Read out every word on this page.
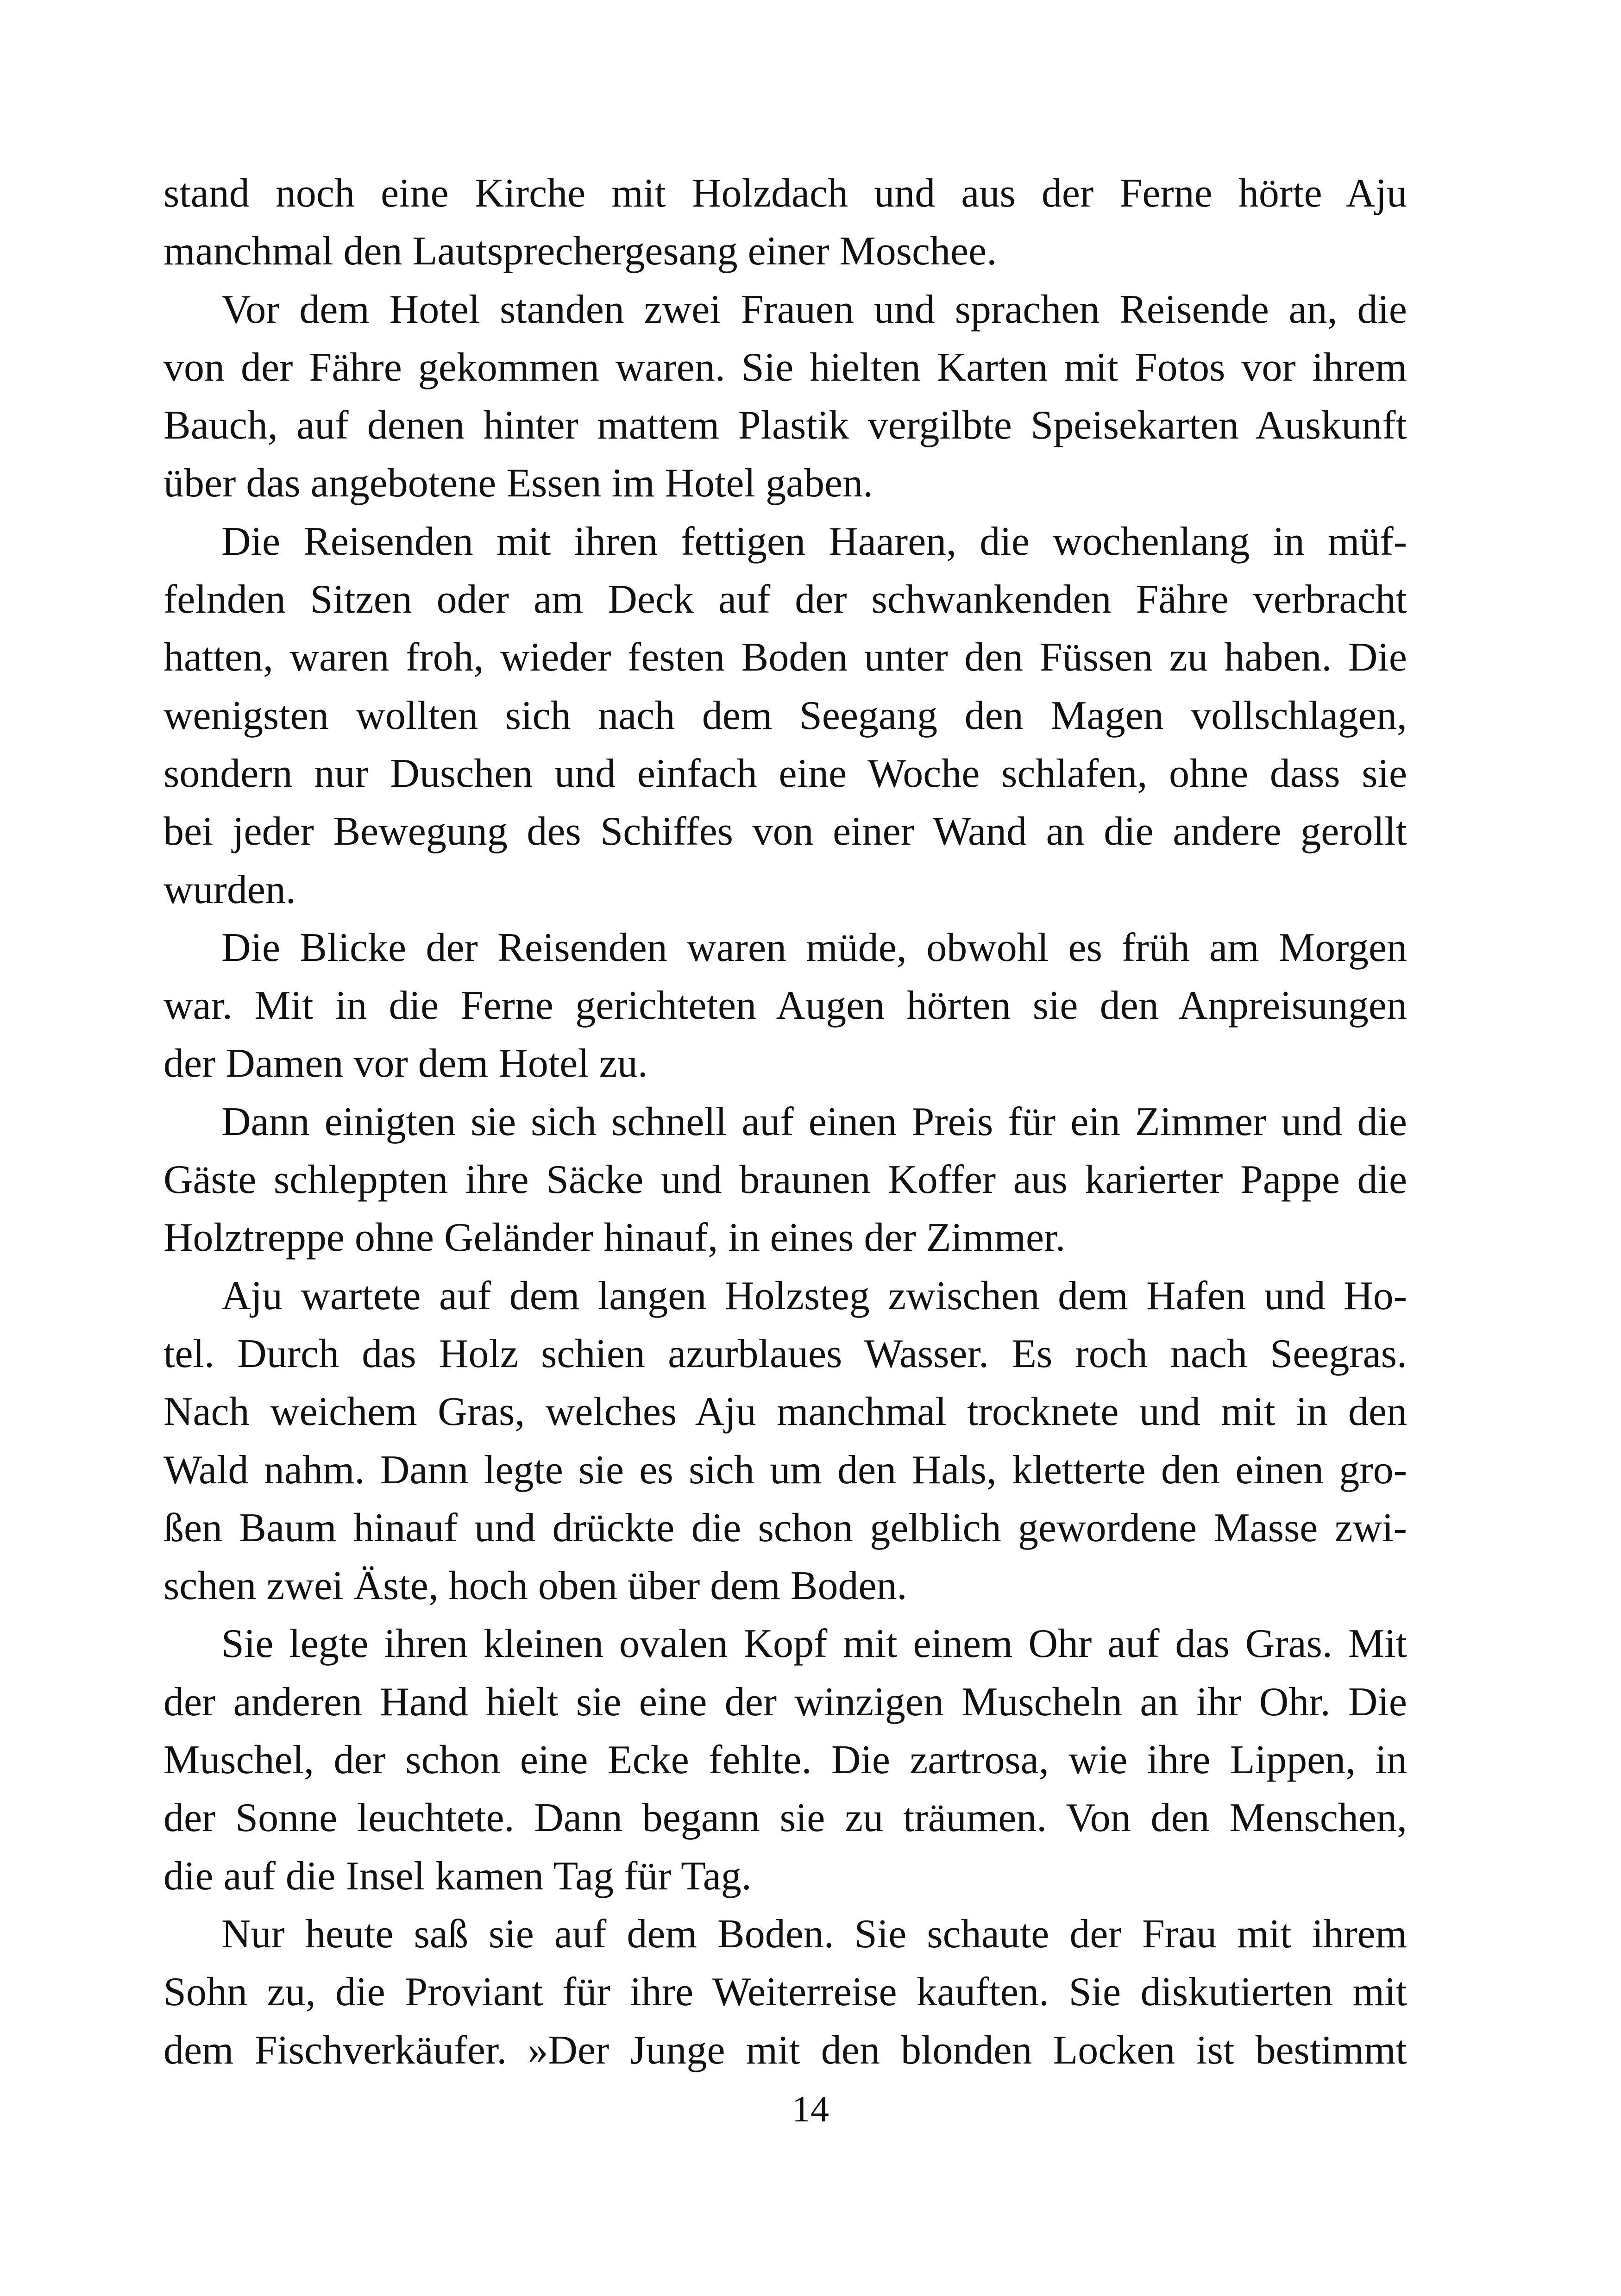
stand noch eine Kirche mit Holzdach und aus der Ferne hörte Aju

manchmal den Lautsprechergesang einer Moschee.

Vor dem Hotel standen zwei Frauen und sprachen Reisende an, die

von der Fähre gekommen waren. Sie hielten Karten mit Fotos vor ihrem

Bauch, auf denen hinter mattem Plastik vergilbte Speisekarten Auskunft

über das angebotene Essen im Hotel gaben.

Die Reisenden mit ihren fettigen Haaren, die wochenlang in müf-

felnden Sitzen oder am Deck auf der schwankenden Fähre verbracht

hatten, waren froh, wieder festen Boden unter den Füssen zu haben. Die

wenigsten wollten sich nach dem Seegang den Magen vollschlagen,

sondern nur Duschen und einfach eine Woche schlafen, ohne dass sie

bei jeder Bewegung des Schiffes von einer Wand an die andere gerollt

wurden.

Die Blicke der Reisenden waren müde, obwohl es früh am Morgen

war. Mit in die Ferne gerichteten Augen hörten sie den Anpreisungen

der Damen vor dem Hotel zu.

Dann einigten sie sich schnell auf einen Preis für ein Zimmer und die

Gäste schleppten ihre Säcke und braunen Koffer aus karierter Pappe die

Holztreppe ohne Geländer hinauf, in eines der Zimmer.

Aju wartete auf dem langen Holzsteg zwischen dem Hafen und Ho-

tel. Durch das Holz schien azurblaues Wasser. Es roch nach Seegras.

Nach weichem Gras, welches Aju manchmal trocknete und mit in den

Wald nahm. Dann legte sie es sich um den Hals, kletterte den einen gro-

ßen Baum hinauf und drückte die schon gelblich gewordene Masse zwi-

schen zwei Äste, hoch oben über dem Boden.

Sie legte ihren kleinen ovalen Kopf mit einem Ohr auf das Gras. Mit

der anderen Hand hielt sie eine der winzigen Muscheln an ihr Ohr. Die

Muschel, der schon eine Ecke fehlte. Die zartrosa, wie ihre Lippen, in

der Sonne leuchtete. Dann begann sie zu träumen. Von den Menschen,

die auf die Insel kamen Tag für Tag.

Nur heute saß sie auf dem Boden. Sie schaute der Frau mit ihrem

Sohn zu, die Proviant für ihre Weiterreise kauften. Sie diskutierten mit

dem Fischverkäufer. »Der Junge mit den blonden Locken ist bestimmt

14
